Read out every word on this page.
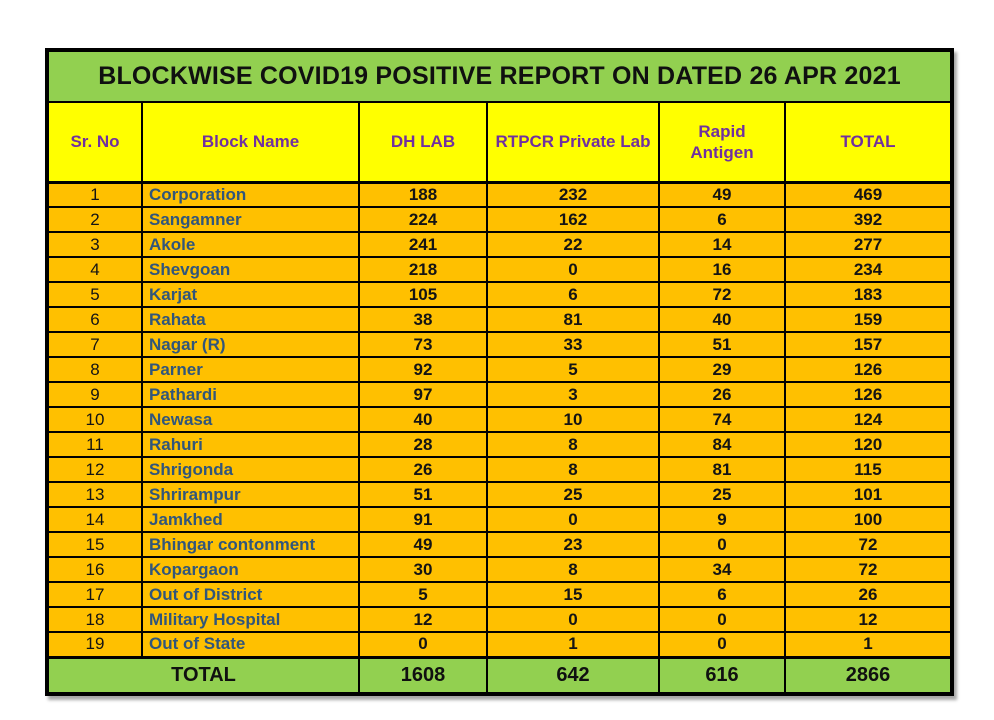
BLOCKWISE COVID19 POSITIVE REPORT ON DATED 26 APR 2021					
Sr. No	Block Name	DH LAB	RTPCR Private Lab	Rapid Antigen	TOTAL
1	Corporation	188	232	49	469
2	Sangamner	224	162	6	392
3	Akole	241	22	14	277
4	Shevgoan	218	0	16	234
5	Karjat	105	6	72	183
6	Rahata	38	81	40	159
7	Nagar (R)	73	33	51	157
8	Parner	92	5	29	126
9	Pathardi	97	3	26	126
10	Newasa	40	10	74	124
11	Rahuri	28	8	84	120
12	Shrigonda	26	8	81	115
13	Shrirampur	51	25	25	101
14	Jamkhed	91	0	9	100
15	Bhingar contonment	49	23	0	72
16	Kopargaon	30	8	34	72
17	Out of District	5	15	6	26
18	Military Hospital	12	0	0	12
19	Out of State	0	1	0	1
TOTAL		1608	642	616	2866
